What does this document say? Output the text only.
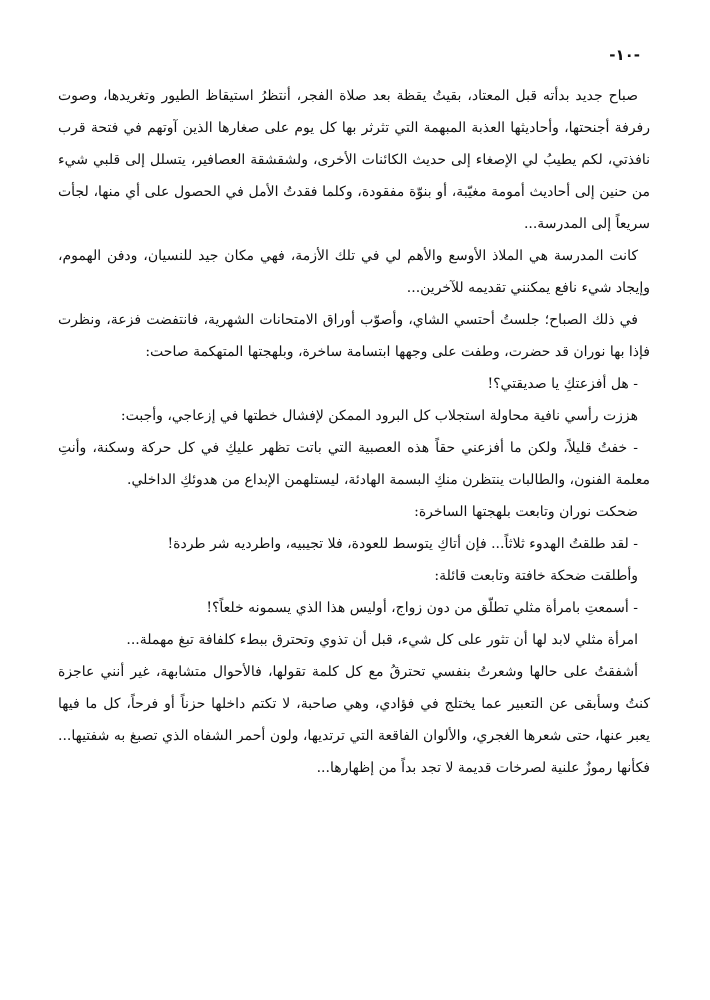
-١٠-

صباح جديد بدأته قبل المعتاد، بقيتُ يقظة بعد صلاة الفجر، أنتظرُ استيقاظ الطيور وتغريدها، وصوت رفرفة أجنحتها، وأحاديثها العذبة المبهمة التي تثرثر بها كل يوم على صغارها الذين آوتهم في فتحة قرب نافذتي، لكم يطيبُ لي الإصغاء إلى حديث الكائنات الأخرى، ولشقشقة العصافير، يتسلل إلى قلبي شيء من حنين إلى أحاديث أمومة مغيّبة، أو بنوّة مفقودة، وكلما فقدتُ الأمل في الحصول على أي منها، لجأت سريعاً إلى المدرسة...

كانت المدرسة هي الملاذ الأوسع والأهم لي في تلك الأزمة، فهي مكان جيد للنسيان، ودفن الهموم، وإيجاد شيء نافع يمكنني تقديمه للآخرين...

في ذلك الصباح؛ جلستُ أحتسي الشاي، وأصوّب أوراق الامتحانات الشهرية، فانتفضت فزعة، ونظرت فإذا بها نوران قد حضرت، وطفت على وجهها ابتسامة ساخرة، وبلهجتها المتهكمة صاحت:

- هل أفزعتكِ يا صديقتي؟!

هززت رأسي نافية محاولة استجلاب كل البرود الممكن لإفشال خطتها في إزعاجي، وأجبت:

- خفتُ قليلاً، ولكن ما أفزعني حقاً هذه العصبية التي باتت تظهر عليكِ في كل حركة وسكنة، وأنتِ معلمة الفنون، والطالبات ينتظرن منكِ البسمة الهادئة، ليستلهمن الإبداع من هدوئكِ الداخلي.

ضحكت نوران وتابعت بلهجتها الساخرة:

- لقد طلقتُ الهدوء ثلاثاً... فإن أتاكِ يتوسط للعودة، فلا تجيبيه، واطرديه شر طردة!

وأطلقت ضحكة خافتة وتابعت قائلة:

- أسمعتِ بامرأة مثلي تطلّق من دون زواج، أوليس هذا الذي يسمونه خلعاً؟!

امرأة مثلي لابد لها أن تثور على كل شيء، قبل أن تذوي وتحترق ببطء كلفافة تبغ مهملة...

أشفقتُ على حالها وشعرتُ بنفسي تحترقُ مع كل كلمة تقولها، فالأحوال متشابهة، غير أنني عاجزة كنتُ وسأبقى عن التعبير عما يختلج في فؤادي، وهي صاحبة، لا تكتم داخلها حزناً أو فرحاً، كل ما فيها يعبر عنها، حتى شعرها الغجري، والألوان الفاقعة التي ترتديها، ولون أحمر الشفاه الذي تصبغ به شفتيها... فكأنها رموزٌ علنية لصرخات قديمة لا تجد بداً من إظهارها...
